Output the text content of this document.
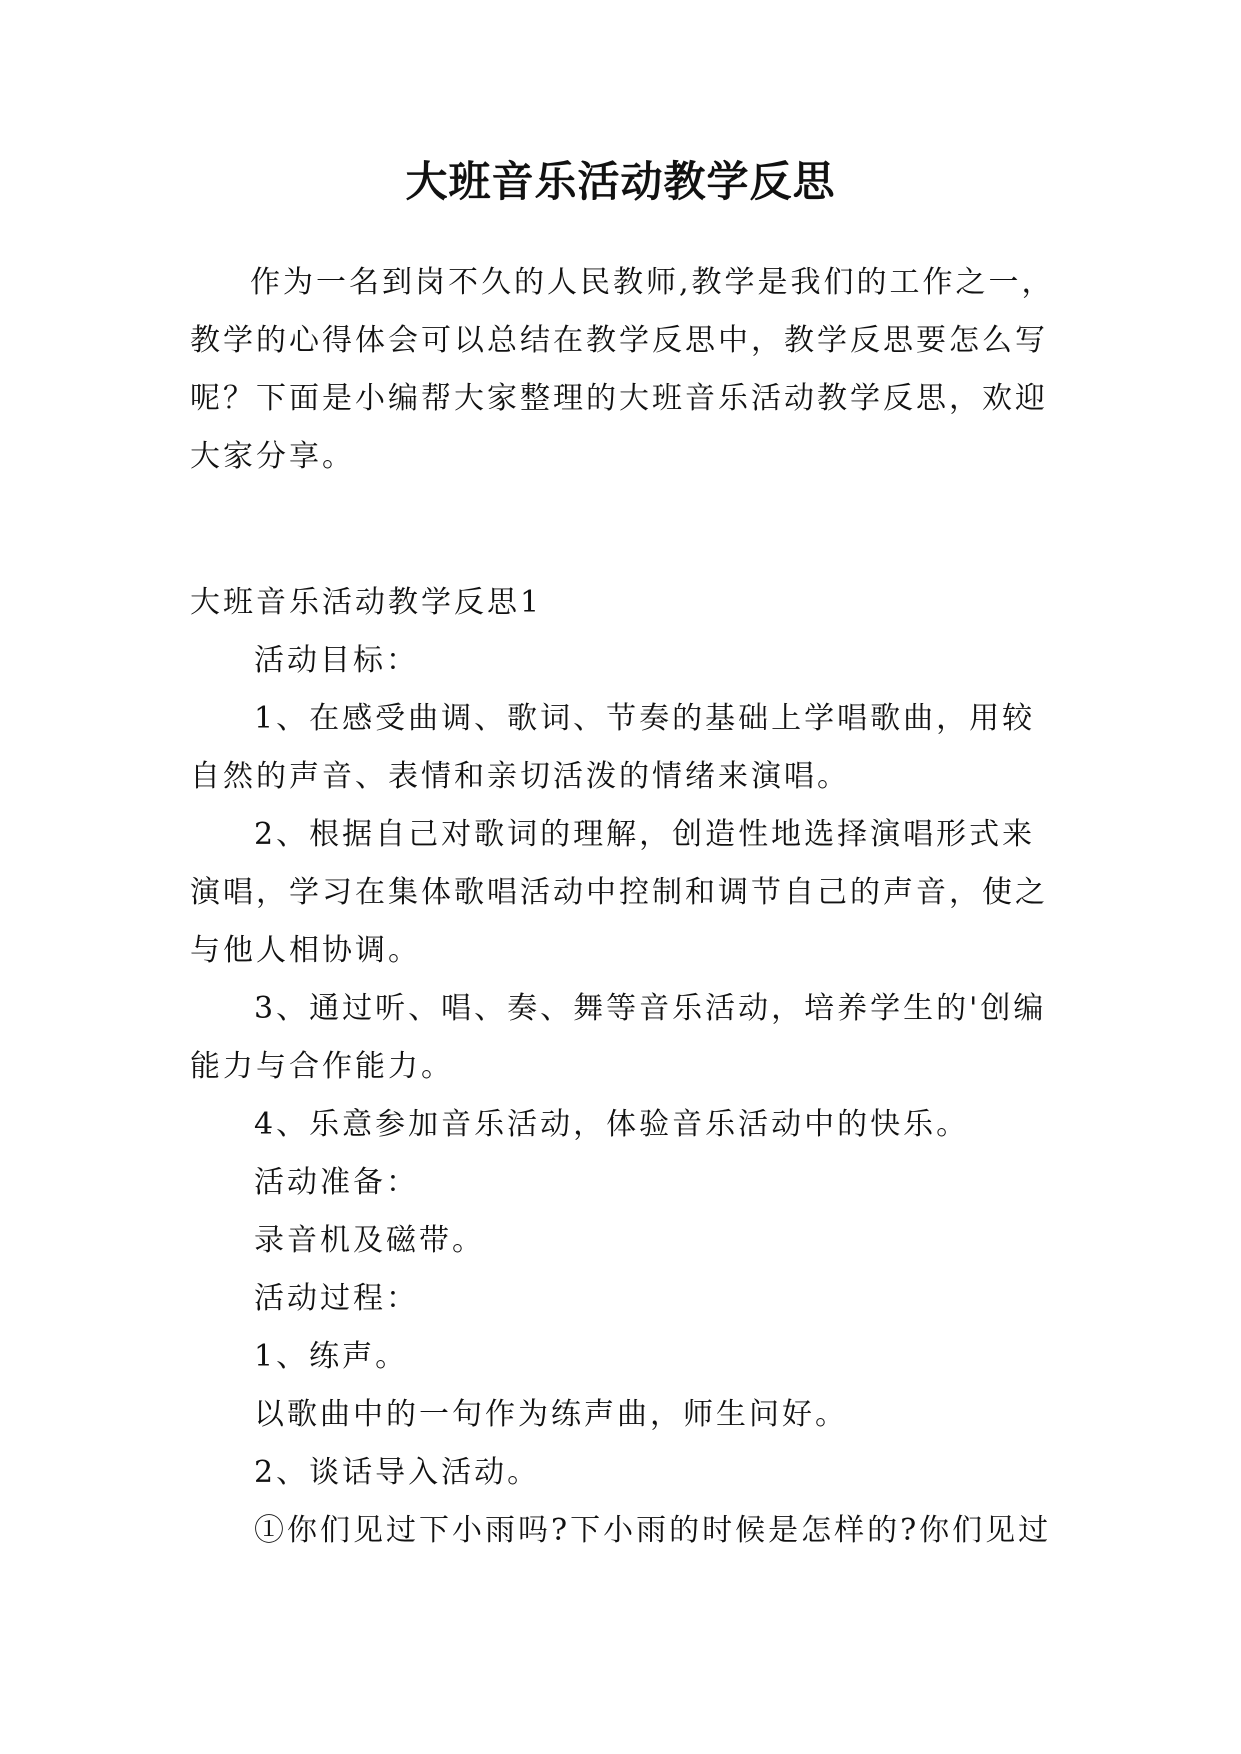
大班音乐活动教学反思
作为一名到岗不久的人民教师,教学是我们的工作之一，
教学的心得体会可以总结在教学反思中，教学反思要怎么写
呢？下面是小编帮大家整理的大班音乐活动教学反思，欢迎
大家分享。
大班音乐活动教学反思1
活动目标：
1、在感受曲调、歌词、节奏的基础上学唱歌曲，用较
自然的声音、表情和亲切活泼的情绪来演唱。
2、根据自己对歌词的理解，创造性地选择演唱形式来
演唱，学习在集体歌唱活动中控制和调节自己的声音，使之
与他人相协调。
3、通过听、唱、奏、舞等音乐活动，培养学生的'创编
能力与合作能力。
4、乐意参加音乐活动，体验音乐活动中的快乐。
活动准备：
录音机及磁带。
活动过程：
1、练声。
以歌曲中的一句作为练声曲，师生问好。
2、谈话导入活动。
①你们见过下小雨吗?下小雨的时候是怎样的?你们见过
